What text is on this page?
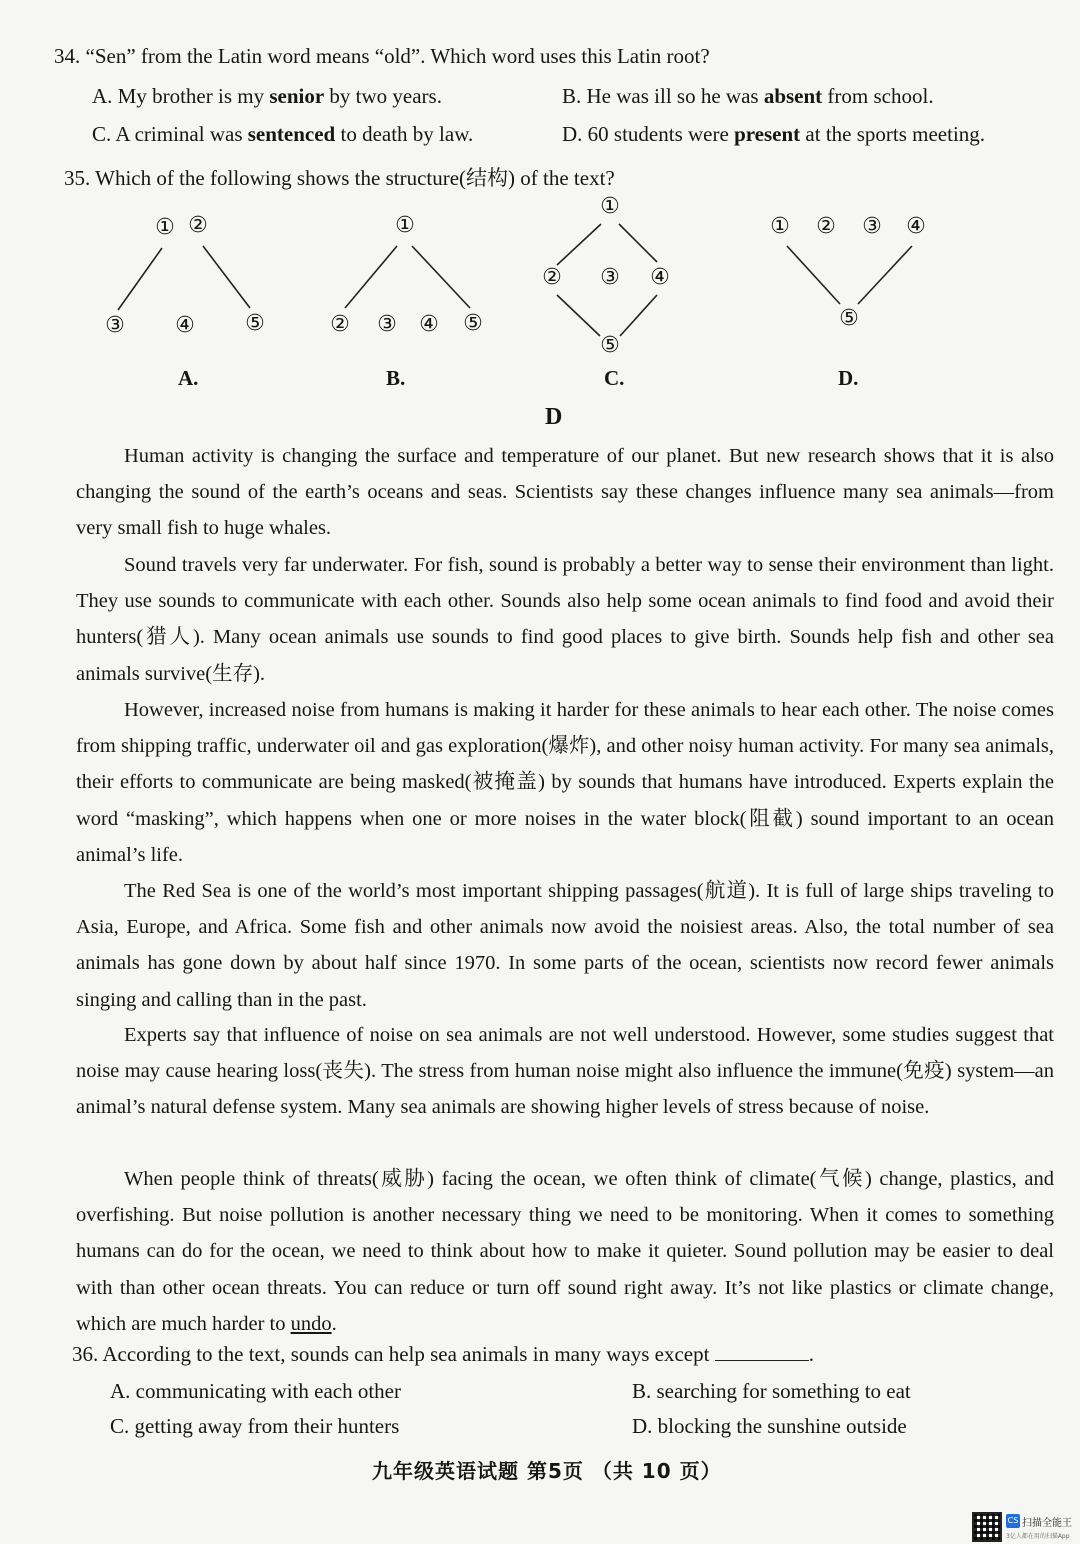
34. “Sen” from the Latin word means “old”. Which word uses this Latin root?
A. My brother is my senior by two years.	B. He was ill so he was absent from school.
C. A criminal was sentenced to death by law.	D. 60 students were present at the sports meeting.
35. Which of the following shows the structure(结构) of the text?
① ②
③ ④ ⑤
①
② ③ ④ ⑤
①
② ③ ④
⑤
① ② ③ ④
⑤
A.	B.	C.	D.
D
Human activity is changing the surface and temperature of our planet. But new research shows that it is also changing the sound of the earth’s oceans and seas. Scientists say these changes influence many sea animals—from very small fish to huge whales.
Sound travels very far underwater. For fish, sound is probably a better way to sense their environment than light. They use sounds to communicate with each other. Sounds also help some ocean animals to find food and avoid their hunters(猎人). Many ocean animals use sounds to find good places to give birth. Sounds help fish and other sea animals survive(生存).
However, increased noise from humans is making it harder for these animals to hear each other. The noise comes from shipping traffic, underwater oil and gas exploration(爆炸), and other noisy human activity. For many sea animals, their efforts to communicate are being masked(被掩盖) by sounds that humans have introduced. Experts explain the word “masking”, which happens when one or more noises in the water block(阻截) sound important to an ocean animal’s life.
The Red Sea is one of the world’s most important shipping passages(航道). It is full of large ships traveling to Asia, Europe, and Africa. Some fish and other animals now avoid the noisiest areas. Also, the total number of sea animals has gone down by about half since 1970. In some parts of the ocean, scientists now record fewer animals singing and calling than in the past.
Experts say that influence of noise on sea animals are not well understood. However, some studies suggest that noise may cause hearing loss(丧失). The stress from human noise might also influence the immune(免疫) system—an animal’s natural defense system. Many sea animals are showing higher levels of stress because of noise.
When people think of threats(威胁) facing the ocean, we often think of climate(气候) change, plastics, and overfishing. But noise pollution is another necessary thing we need to be monitoring. When it comes to something humans can do for the ocean, we need to think about how to make it quieter. Sound pollution may be easier to deal with than other ocean threats. You can reduce or turn off sound right away. It’s not like plastics or climate change, which are much harder to undo.
36. According to the text, sounds can help sea animals in many ways except	.
A. communicating with each other	B. searching for something to eat
C. getting away from their hunters	D. blocking the sunshine outside
九年级英语试题 第5页 （共 10 页）
CS 扫描全能王
3亿人都在用的扫描App
